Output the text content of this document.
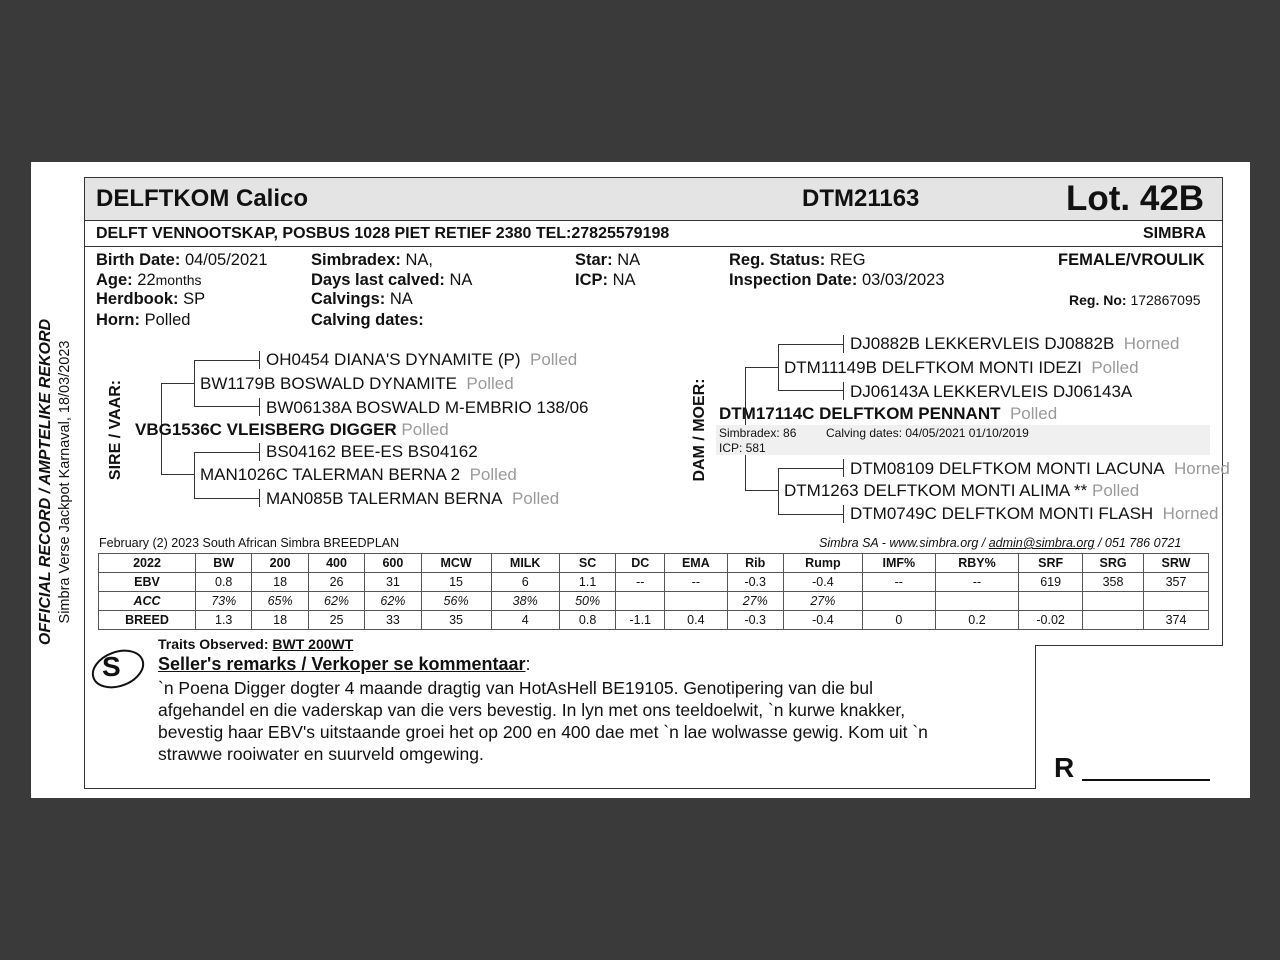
OFFICIAL RECORD / AMPTELIKE REKORD Simbra Verse Jackpot Karnaval, 18/03/2023
DELFTKOM Calico	DTM21163	Lot. 42B
DELFT VENNOOTSKAP, POSBUS 1028 PIET RETIEF 2380 TEL:27825579198	SIMBRA
Birth Date: 04/05/2021
Age: 22months
Herdbook: SP
Horn: Polled
Simbradex: NA,
Days last calved: NA
Calvings: NA
Calving dates:
Star: NA
ICP: NA
Reg. Status: REG
Inspection Date: 03/03/2023
FEMALE/VROULIK
Reg. No: 172867095
SIRE / VAAR:
OH0454 DIANA'S DYNAMITE (P) Polled
BW1179B BOSWALD DYNAMITE Polled
BW06138A BOSWALD M-EMBRIO 138/06
VBG1536C VLEISBERG DIGGER Polled
BS04162 BEE-ES BS04162
MAN1026C TALERMAN BERNA 2 Polled
MAN085B TALERMAN BERNA Polled
DAM / MOER:
DJ0882B LEKKERVLEIS DJ0882B Horned
DTM11149B DELFTKOM MONTI IDEZI Polled
DJ06143A LEKKERVLEIS DJ06143A
DTM17114C DELFTKOM PENNANT Polled
Simbradex: 86 Calving dates: 04/05/2021 01/10/2019
ICP: 581
DTM08109 DELFTKOM MONTI LACUNA Horned
DTM1263 DELFTKOM MONTI ALIMA ** Polled
DTM0749C DELFTKOM MONTI FLASH Horned
February (2) 2023 South African Simbra BREEDPLAN	Simbra SA - www.simbra.org / admin@simbra.org / 051 786 0721
2022	BW	200	400	600	MCW	MILK	SC	DC	EMA	Rib	Rump	IMF%	RBY%	SRF	SRG	SRW
EBV	0.8	18	26	31	15	6	1.1	--	--	-0.3	-0.4	--	--	619	358	357
ACC	73%	65%	62%	62%	56%	38%	50%			27%	27%					
BREED	1.3	18	25	33	35	4	0.8	-1.1	0.4	-0.3	-0.4	0	0.2	-0.02		374
Traits Observed: BWT 200WT
S Seller's remarks / Verkoper se kommentaar:
`n Poena Digger dogter 4 maande dragtig van HotAsHell BE19105. Genotipering van die bul
afgehandel en die vaderskap van die vers bevestig. In lyn met ons teeldoelwit, `n kurwe knakker,
bevestig haar EBV's uitstaande groei het op 200 en 400 dae met `n lae wolwasse gewig. Kom uit `n
strawwe rooiwater en suurveld omgewing.	R
